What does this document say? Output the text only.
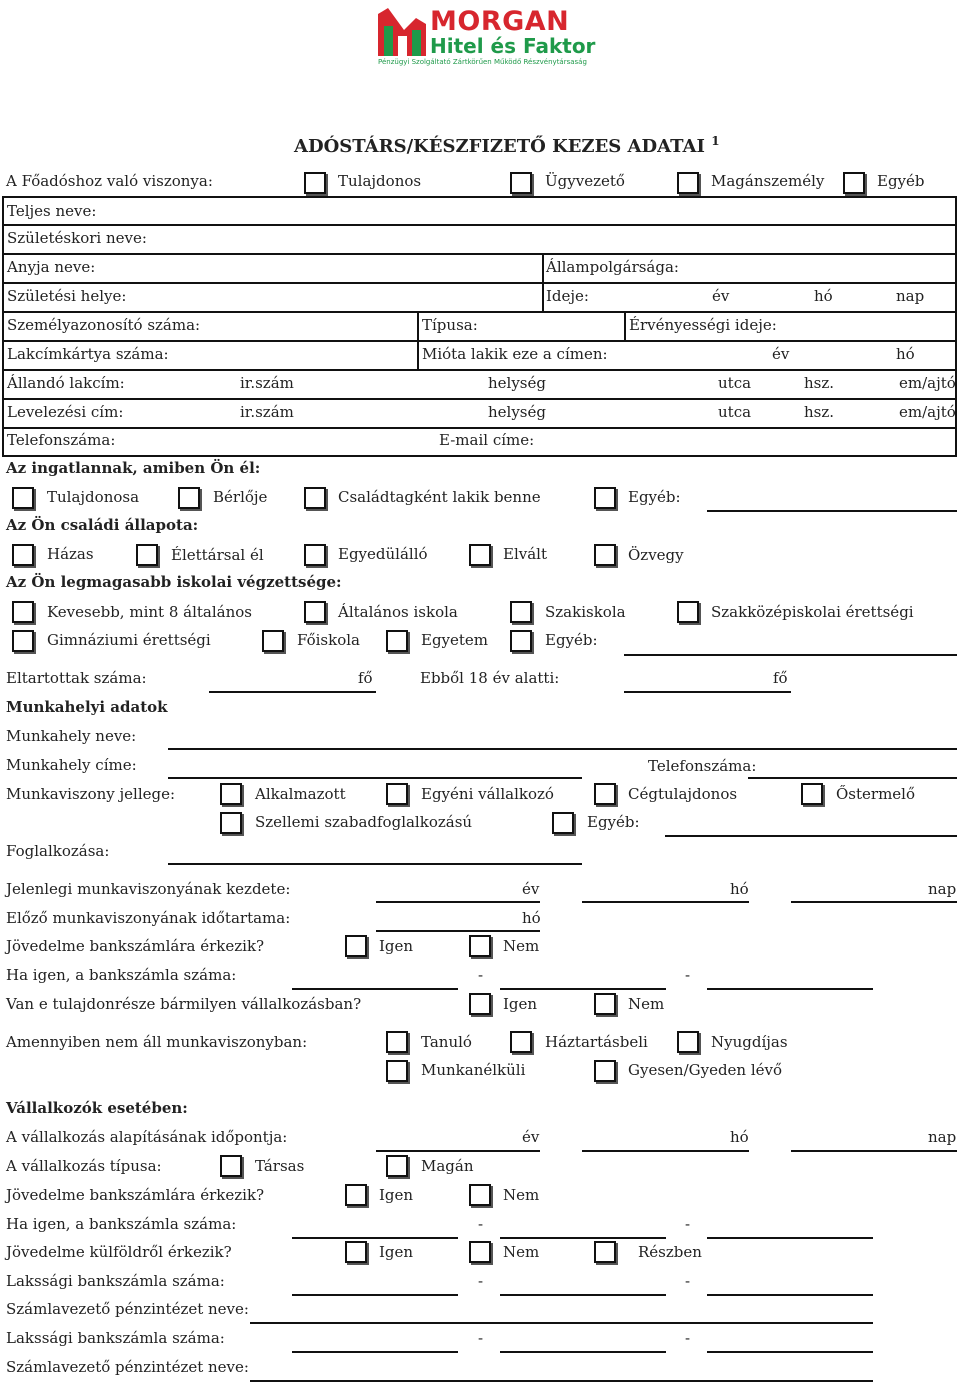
MORGAN
Hitel és Faktor
Pénzügyi Szolgáltató Zártkörűen Működő Részvénytársaság
ADÓSTÁRS/KÉSZFIZETŐ KEZES ADATAI $^1$
A Főadóshoz való viszonya:	Tulajdonos	Ügyvezető	Magánszemély	Egyéb
Teljes neve:
Születéskori neve:
Anyja neve:	Állampolgársága:
Születési helye:	Ideje:	év	hó	nap
Személyazonosító száma:	Típusa:	Érvényességi ideje:
Lakcímkártya száma:	Mióta lakik eze a címen:	év	hó
Állandó lakcím:	ir.szám	helység	utca	hsz.	em/ajtó
Levelezési cím:	ir.szám	helység	utca	hsz.	em/ajtó
Telefonszáma:	E-mail címe:
Az ingatlannak, amiben Ön él:
Tulajdonosa	Bérlője	Családtagként lakik benne	Egyéb:
Az Ön családi állapota:
Házas	Élettársal él	Egyedülálló	Elvált	Özvegy
Az Ön legmagasabb iskolai végzettsége:
Kevesebb, mint 8 általános	Általános iskola	Szakiskola	Szakközépiskolai érettségi
Gimnáziumi érettségi	Főiskola	Egyetem	Egyéb:
Eltartottak száma:	fő	Ebből 18 év alatti:	fő
Munkahelyi adatok
Munkahely neve:
Munkahely címe:	Telefonszáma:
Munkaviszony jellege:	Alkalmazott	Egyéni vállalkozó	Cégtulajdonos	Őstermelő
Szellemi szabadfoglalkozású	Egyéb:
Foglalkozása:
Jelenlegi munkaviszonyának kezdete:	év	hó	nap
Előző munkaviszonyának időtartama:	hó
Jövedelme bankszámlára érkezik?	Igen	Nem
Ha igen, a bankszámla száma:	-	-
Van e tulajdonrésze bármilyen vállalkozásban?	Igen	Nem
Amennyiben nem áll munkaviszonyban:	Tanuló	Háztartásbeli	Nyugdíjas
Munkanélküli	Gyesen/Gyeden lévő
Vállalkozók esetében:
A vállalkozás alapításának időpontja:	év	hó	nap
A vállalkozás típusa:	Társas	Magán
Jövedelme bankszámlára érkezik?	Igen	Nem
Ha igen, a bankszámla száma:	-	-
Jövedelme külföldről érkezik?	Igen	Nem	Részben
Lakssági bankszámla száma:	-	-
Számlavezető pénzintézet neve:
Lakssági bankszámla száma:	-	-
Számlavezető pénzintézet neve:
